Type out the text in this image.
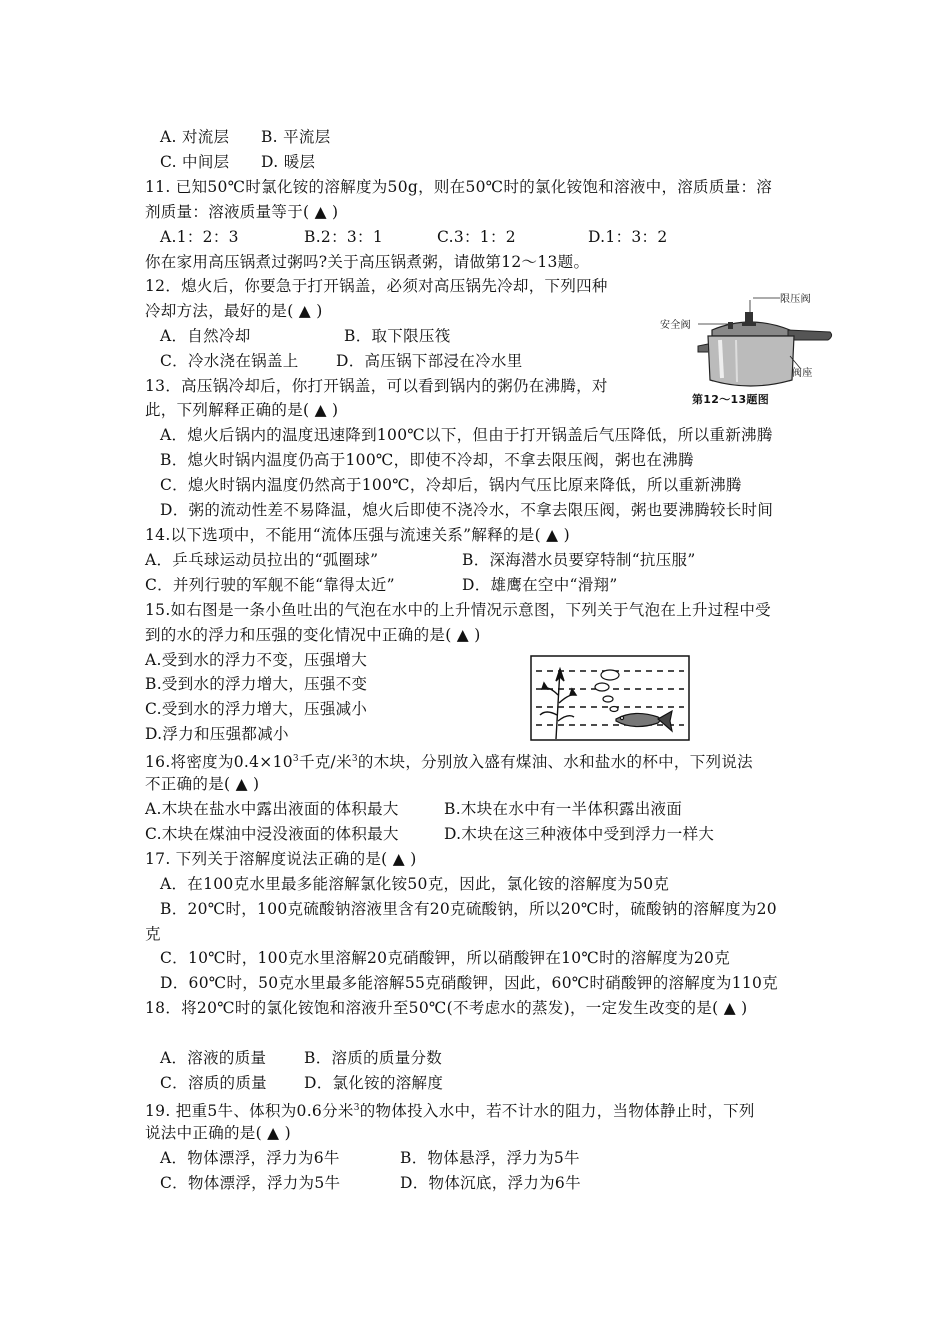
A. 对流层　　B. 平流层
C. 中间层　　D. 暖层
11. 已知50℃时氯化铵的溶解度为50g，则在50℃时的氯化铵饱和溶液中，溶质质量：溶
剂质量：溶液质量等于( ▲ )
A.1：2：3	B.2：3：1	C.3：1：2	D.1：3：2
你在家用高压锅煮过粥吗?关于高压锅煮粥，请做第12～13题。
12．熄火后，你要急于打开锅盖，必须对高压锅先冷却，下列四种
冷却方法，最好的是( ▲ )
A．自然冷却	B．取下限压筏
C．冷水浇在锅盖上 D．高压锅下部浸在冷水里
限压阀
安全阀
阀座
第12～13题图
13．高压锅冷却后，你打开锅盖，可以看到锅内的粥仍在沸腾，对
此，下列解释正确的是( ▲ )
A．熄火后锅内的温度迅速降到100℃以下，但由于打开锅盖后气压降低，所以重新沸腾
B．熄火时锅内温度仍高于100℃，即使不冷却，不拿去限压阀，粥也在沸腾
C．熄火时锅内温度仍然高于100℃，冷却后，锅内气压比原来降低，所以重新沸腾
D．粥的流动性差不易降温，熄火后即使不浇冷水，不拿去限压阀，粥也要沸腾较长时间
14.以下选项中，不能用“流体压强与流速关系”解释的是( ▲ )
A．乒乓球运动员拉出的“弧圈球”	B．深海潜水员要穿特制“抗压服”
C．并列行驶的军舰不能“靠得太近”	D．雄鹰在空中“滑翔”
15.如右图是一条小鱼吐出的气泡在水中的上升情况示意图，下列关于气泡在上升过程中受
到的水的浮力和压强的变化情况中正确的是( ▲ )
A.受到水的浮力不变，压强增大
B.受到水的浮力增大，压强不变
C.受到水的浮力增大，压强减小
D.浮力和压强都减小
16.将密度为$0.4\times 10^3$千克/米$^3$的木块，分别放入盛有煤油、水和盐水的杯中，下列说法
不正确的是( ▲ )
A.木块在盐水中露出液面的体积最大	B.木块在水中有一半体积露出液面
C.木块在煤油中浸没液面的体积最大	D.木块在这三种液体中受到浮力一样大
17. 下列关于溶解度说法正确的是( ▲ )
A．在100克水里最多能溶解氯化铵50克，因此，氯化铵的溶解度为50克
B．20℃时，100克硫酸钠溶液里含有20克硫酸钠，所以20℃时，硫酸钠的溶解度为20
克
C．10℃时，100克水里溶解20克硝酸钾，所以硝酸钾在10℃时的溶解度为20克
D．60℃时，50克水里最多能溶解55克硝酸钾，因此，60℃时硝酸钾的溶解度为110克
18．将20℃时的氯化铵饱和溶液升至50℃(不考虑水的蒸发)，一定发生改变的是( ▲ )
A．溶液的质量 B．溶质的质量分数
C．溶质的质量 D．氯化铵的溶解度
19. 把重5牛、体积为0.6分米$^3$的物体投入水中，若不计水的阻力，当物体静止时，下列
说法中正确的是( ▲ )
A．物体漂浮，浮力为6牛	B．物体悬浮，浮力为5牛
C．物体漂浮，浮力为5牛	D．物体沉底，浮力为6牛
